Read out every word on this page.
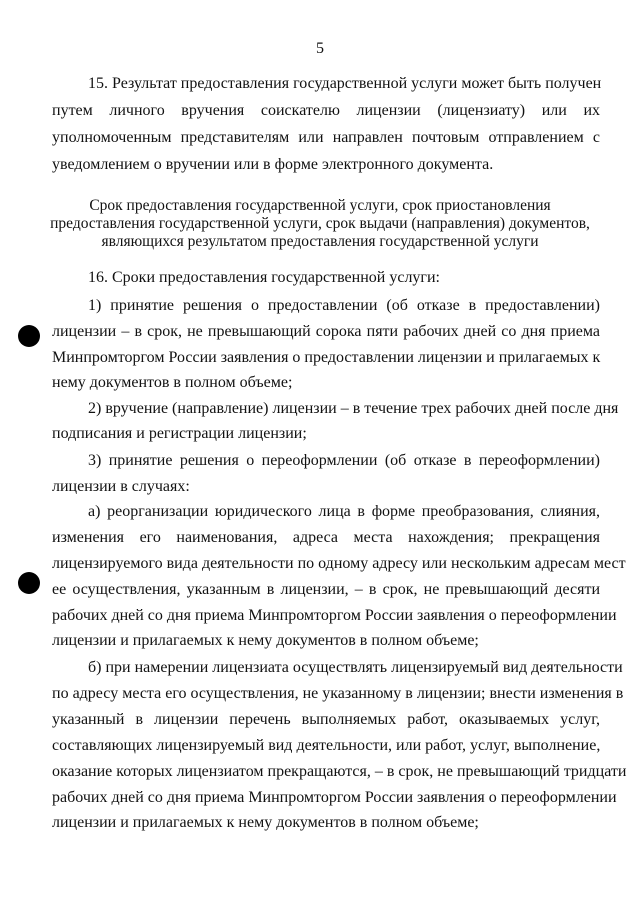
5
15. Результат предоставления государственной услуги может быть получен
путем личного вручения соискателю лицензии (лицензиату) или их
уполномоченным представителям или направлен почтовым отправлением с
уведомлением о вручении или в форме электронного документа.
Срок предоставления государственной услуги, срок приостановления
предоставления государственной услуги, срок выдачи (направления) документов,
являющихся результатом предоставления государственной услуги
16. Сроки предоставления государственной услуги:
1) принятие решения о предоставлении (об отказе в предоставлении)
лицензии – в срок, не превышающий сорока пяти рабочих дней со дня приема
Минпромторгом России заявления о предоставлении лицензии и прилагаемых к
нему документов в полном объеме;
2) вручение (направление) лицензии – в течение трех рабочих дней после дня
подписания и регистрации лицензии;
3) принятие решения о переоформлении (об отказе в переоформлении)
лицензии в случаях:
а) реорганизации юридического лица в форме преобразования, слияния,
изменения его наименования, адреса места нахождения; прекращения
лицензируемого вида деятельности по одному адресу или нескольким адресам мест
ее осуществления, указанным в лицензии, – в срок, не превышающий десяти
рабочих дней со дня приема Минпромторгом России заявления о переоформлении
лицензии и прилагаемых к нему документов в полном объеме;
б) при намерении лицензиата осуществлять лицензируемый вид деятельности
по адресу места его осуществления, не указанному в лицензии; внести изменения в
указанный в лицензии перечень выполняемых работ, оказываемых услуг,
составляющих лицензируемый вид деятельности, или работ, услуг, выполнение,
оказание которых лицензиатом прекращаются, – в срок, не превышающий тридцати
рабочих дней со дня приема Минпромторгом России заявления о переоформлении
лицензии и прилагаемых к нему документов в полном объеме;
